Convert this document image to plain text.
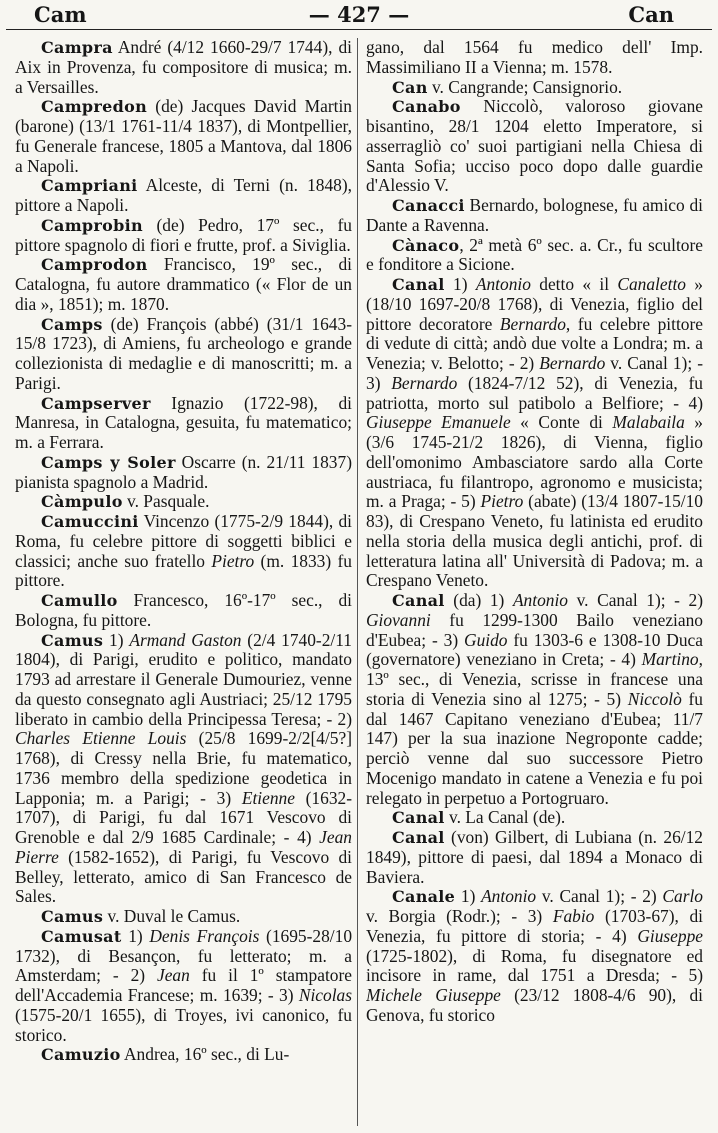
Cam	— 427 —	Can

Campra André (4/12 1660-29/7 1744), di Aix in Provenza, fu compositore di musica; m. a Versailles.

Campredon (de) Jacques David Martin (barone) (13/1 1761-11/4 1837), di Montpellier, fu Generale francese, 1805 a Mantova, dal 1806 a Napoli.

Campriani Alceste, di Terni (n. 1848), pittore a Napoli.

Camprobin (de) Pedro, 17º sec., fu pittore spagnolo di fiori e frutte, prof. a Siviglia.

Camprodon Francisco, 19º sec., di Catalogna, fu autore drammatico (« Flor de un dia », 1851); m. 1870.

Camps (de) François (abbé) (31/1 1643-15/8 1723), di Amiens, fu archeologo e grande collezionista di medaglie e di manoscritti; m. a Parigi.

Campserver Ignazio (1722-98), di Manresa, in Catalogna, gesuita, fu matematico; m. a Ferrara.

Camps y Soler Oscarre (n. 21/11 1837) pianista spagnolo a Madrid.

Càmpulo v. Pasquale.

Camuccini Vincenzo (1775-2/9 1844), di Roma, fu celebre pittore di soggetti biblici e classici; anche suo fratello Pietro (m. 1833) fu pittore.

Camullo Francesco, 16º-17º sec., di Bologna, fu pittore.

Camus 1) Armand Gaston (2/4 1740-2/11 1804), di Parigi, erudito e politico, mandato 1793 ad arrestare il Generale Dumouriez, venne da questo consegnato agli Austriaci; 25/12 1795 liberato in cambio della Principessa Teresa; - 2) Charles Etienne Louis (25/8 1699-2/2[4/5?] 1768), di Cressy nella Brie, fu matematico, 1736 membro della spedizione geodetica in Lapponia; m. a Parigi; - 3) Etienne (1632-1707), di Parigi, fu dal 1671 Vescovo di Grenoble e dal 2/9 1685 Cardinale; - 4) Jean Pierre (1582-1652), di Parigi, fu Vescovo di Belley, letterato, amico di San Francesco de Sales.

Camus v. Duval le Camus.

Camusat 1) Denis François (1695-28/10 1732), di Besançon, fu letterato; m. a Amsterdam; - 2) Jean fu il 1º stampatore dell'Accademia Francese; m. 1639; - 3) Nicolas (1575-20/1 1655), di Troyes, ivi canonico, fu storico.

Camuzio Andrea, 16º sec., di Lu-

gano, dal 1564 fu medico dell' Imp. Massimiliano II a Vienna; m. 1578.

Can v. Cangrande; Cansignorio.

Canabo Niccolò, valoroso giovane bisantino, 28/1 1204 eletto Imperatore, si asserragliò co' suoi partigiani nella Chiesa di Santa Sofia; ucciso poco dopo dalle guardie d'Alessio V.

Canacci Bernardo, bolognese, fu amico di Dante a Ravenna.

Cànaco, 2ª metà 6º sec. a. Cr., fu scultore e fonditore a Sicione.

Canal 1) Antonio detto « il Canaletto » (18/10 1697-20/8 1768), di Venezia, figlio del pittore decoratore Bernardo, fu celebre pittore di vedute di città; andò due volte a Londra; m. a Venezia; v. Belotto; - 2) Bernardo v. Canal 1); - 3) Bernardo (1824-7/12 52), di Venezia, fu patriotta, morto sul patibolo a Belfiore; - 4) Giuseppe Emanuele « Conte di Malabaila » (3/6 1745-21/2 1826), di Vienna, figlio dell'omonimo Ambasciatore sardo alla Corte austriaca, fu filantropo, agronomo e musicista; m. a Praga; - 5) Pietro (abate) (13/4 1807-15/10 83), di Crespano Veneto, fu latinista ed erudito nella storia della musica degli antichi, prof. di letteratura latina all' Università di Padova; m. a Crespano Veneto.

Canal (da) 1) Antonio v. Canal 1); - 2) Giovanni fu 1299-1300 Bailo veneziano d'Eubea; - 3) Guido fu 1303-6 e 1308-10 Duca (governatore) veneziano in Creta; - 4) Martino, 13º sec., di Venezia, scrisse in francese una storia di Venezia sino al 1275; - 5) Niccolò fu dal 1467 Capitano veneziano d'Eubea; 11/7 147) per la sua inazione Negroponte cadde; perciò venne dal suo successore Pietro Mocenigo mandato in catene a Venezia e fu poi relegato in perpetuo a Portogruaro.

Canal v. La Canal (de).

Canal (von) Gilbert, di Lubiana (n. 26/12 1849), pittore di paesi, dal 1894 a Monaco di Baviera.

Canale 1) Antonio v. Canal 1); - 2) Carlo v. Borgia (Rodr.); - 3) Fabio (1703-67), di Venezia, fu pittore di storia; - 4) Giuseppe (1725-1802), di Roma, fu disegnatore ed incisore in rame, dal 1751 a Dresda; - 5) Michele Giuseppe (23/12 1808-4/6 90), di Genova, fu storico
